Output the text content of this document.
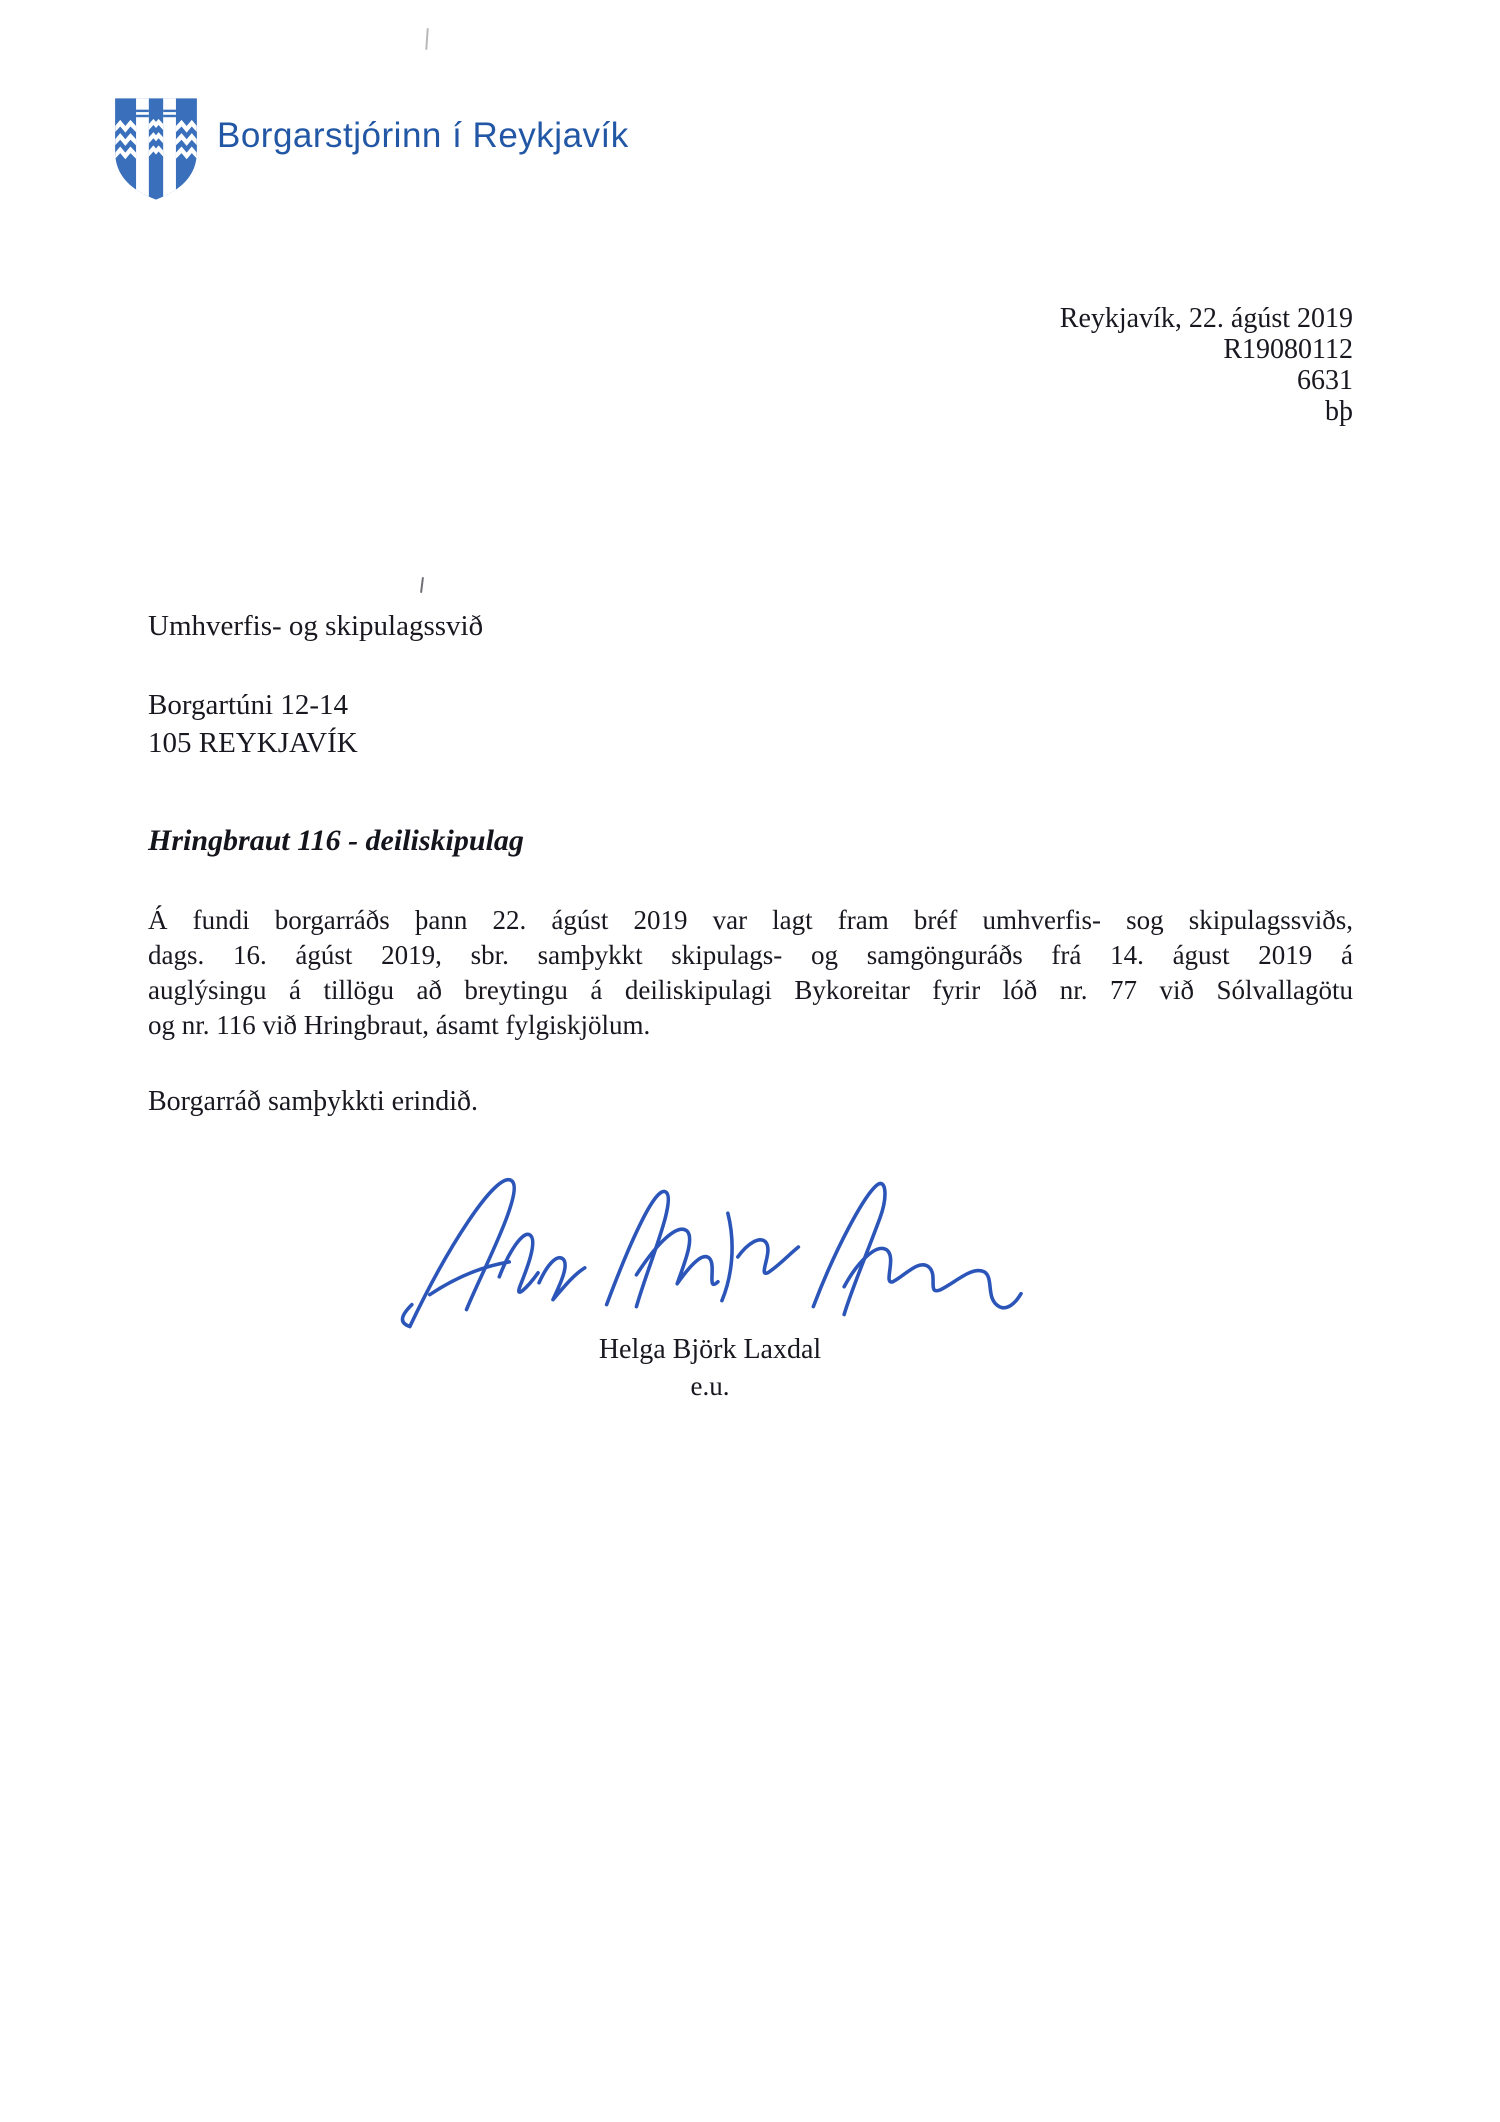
Borgarstjórinn í Reykjavík
Reykjavík, 22. ágúst 2019
R19080112
6631
bþ
Umhverfis- og skipulagssvið
Borgartúni 12-14
105 REYKJAVÍK
Hringbraut 116 - deiliskipulag
Á fundi borgarráðs þann 22. ágúst 2019 var lagt fram bréf umhverfis- sog skipulagssviðs,
dags. 16. ágúst 2019, sbr. samþykkt skipulags- og samgönguráðs frá 14. águst 2019 á
auglýsingu á tillögu að breytingu á deiliskipulagi Bykoreitar fyrir lóð nr. 77 við Sólvallagötu
og nr. 116 við Hringbraut, ásamt fylgiskjölum.
Borgarráð samþykkti erindið.
Helga Björk Laxdal
e.u.
